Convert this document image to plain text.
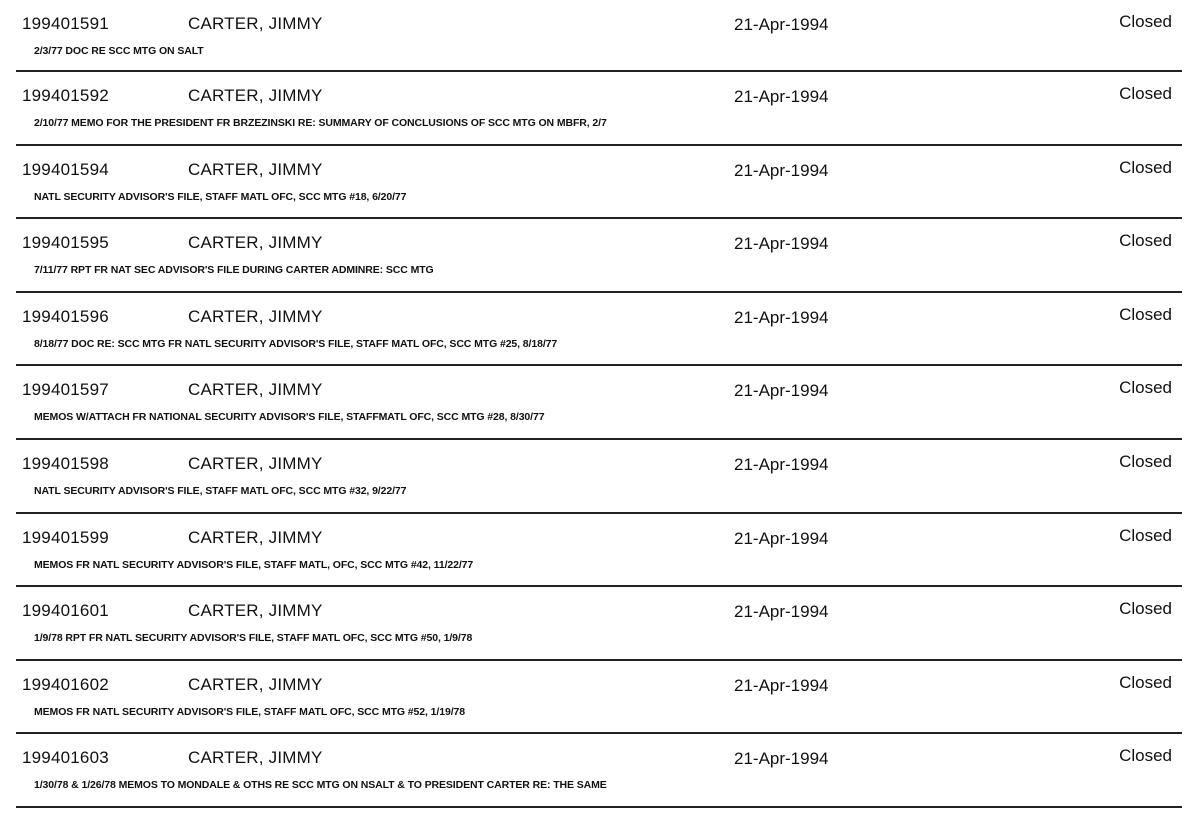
199401591	CARTER, JIMMY	21-Apr-1994	Closed
2/3/77 DOC RE SCC MTG ON SALT
199401592	CARTER, JIMMY	21-Apr-1994	Closed
2/10/77 MEMO FOR THE PRESIDENT FR BRZEZINSKI RE: SUMMARY OF CONCLUSIONS OF SCC MTG ON MBFR, 2/7
199401594	CARTER, JIMMY	21-Apr-1994	Closed
NATL SECURITY ADVISOR'S FILE, STAFF MATL OFC, SCC MTG #18, 6/20/77
199401595	CARTER, JIMMY	21-Apr-1994	Closed
7/11/77 RPT FR NAT SEC ADVISOR'S FILE DURING CARTER ADMINRE: SCC MTG
199401596	CARTER, JIMMY	21-Apr-1994	Closed
8/18/77 DOC RE: SCC MTG FR NATL SECURITY ADVISOR'S FILE, STAFF MATL OFC, SCC MTG #25, 8/18/77
199401597	CARTER, JIMMY	21-Apr-1994	Closed
MEMOS W/ATTACH FR NATIONAL SECURITY ADVISOR'S FILE, STAFFMATL OFC, SCC MTG #28, 8/30/77
199401598	CARTER, JIMMY	21-Apr-1994	Closed
NATL SECURITY ADVISOR'S FILE, STAFF MATL OFC, SCC MTG #32, 9/22/77
199401599	CARTER, JIMMY	21-Apr-1994	Closed
MEMOS FR NATL SECURITY ADVISOR'S FILE, STAFF MATL, OFC, SCC MTG #42, 11/22/77
199401601	CARTER, JIMMY	21-Apr-1994	Closed
1/9/78 RPT FR NATL SECURITY ADVISOR'S FILE, STAFF MATL OFC, SCC MTG #50, 1/9/78
199401602	CARTER, JIMMY	21-Apr-1994	Closed
MEMOS FR NATL SECURITY ADVISOR'S FILE, STAFF MATL OFC, SCC MTG #52, 1/19/78
199401603	CARTER, JIMMY	21-Apr-1994	Closed
1/30/78 & 1/26/78 MEMOS TO MONDALE & OTHS RE SCC MTG ON NSALT & TO PRESIDENT CARTER RE: THE SAME
